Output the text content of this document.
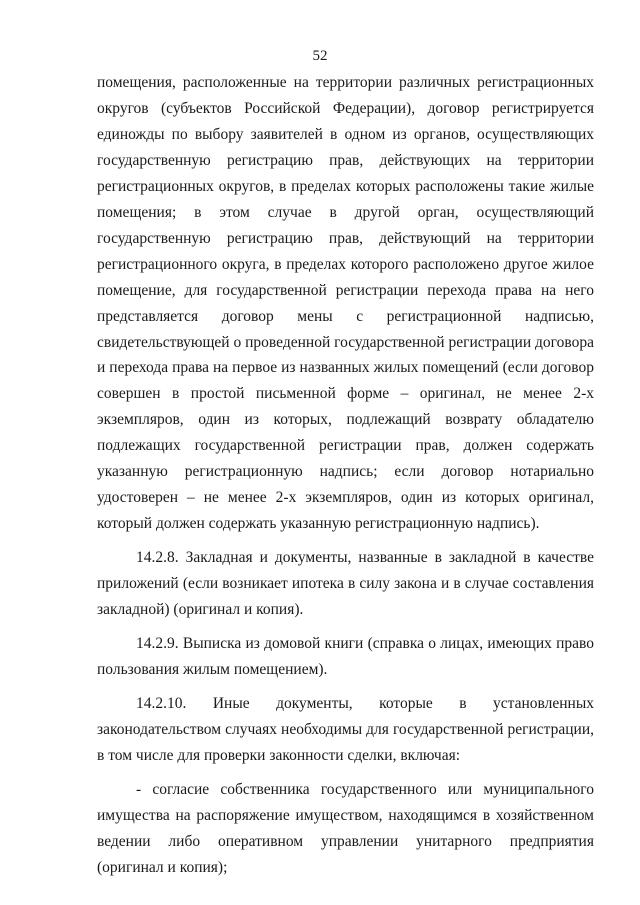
52

помещения, расположенные на территории различных регистрационных округов (субъектов Российской Федерации), договор регистрируется единожды по выбору заявителей в одном из органов, осуществляющих государственную регистрацию прав, действующих на территории регистрационных округов, в пределах которых расположены такие жилые помещения; в этом случае в другой орган, осуществляющий государственную регистрацию прав, действующий на территории регистрационного округа, в пределах которого расположено другое жилое помещение, для государственной регистрации перехода права на него представляется договор мены с регистрационной надписью, свидетельствующей о проведенной государственной регистрации договора и перехода права на первое из названных жилых помещений (если договор совершен в простой письменной форме – оригинал, не менее 2-х экземпляров, один из которых, подлежащий возврату обладателю подлежащих государственной регистрации прав, должен содержать указанную регистрационную надпись; если договор нотариально удостоверен – не менее 2-х экземпляров, один из которых оригинал, который должен содержать указанную регистрационную надпись).

14.2.8. Закладная и документы, названные в закладной в качестве приложений (если возникает ипотека в силу закона и в случае составления закладной) (оригинал и копия).

14.2.9. Выписка из домовой книги (справка о лицах, имеющих право пользования жилым помещением).

14.2.10. Иные документы, которые в установленных законодательством случаях необходимы для государственной регистрации, в том числе для проверки законности сделки, включая:

- согласие собственника государственного или муниципального имущества на распоряжение имуществом, находящимся в хозяйственном ведении либо оперативном управлении унитарного предприятия (оригинал и копия);
